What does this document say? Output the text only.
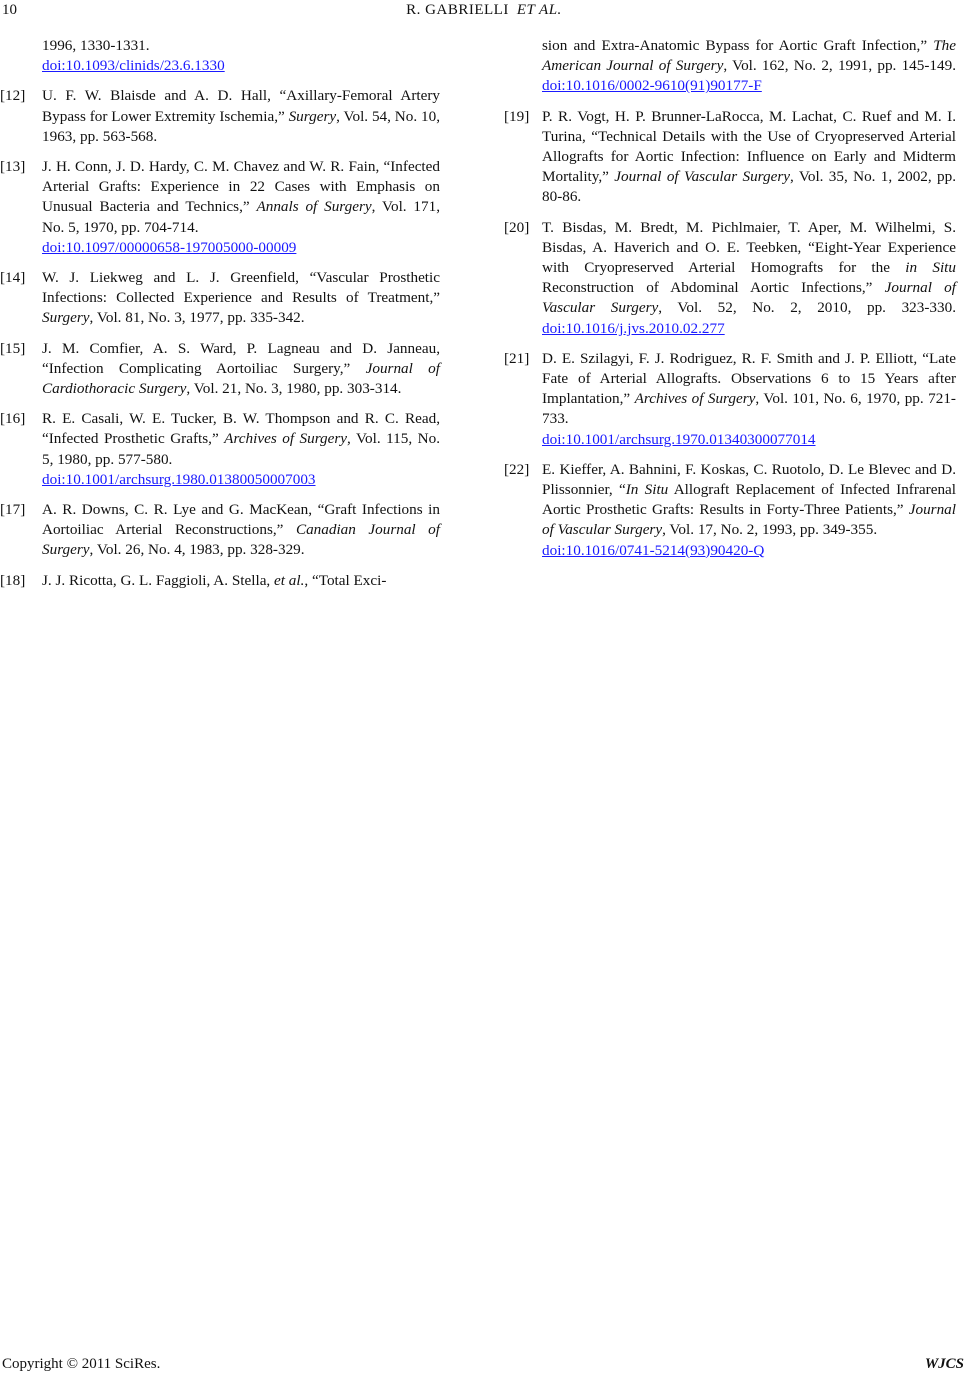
10	R. GABRIELLI ET AL.
1996, 1330-1331.
doi:10.1093/clinids/23.6.1330
[12] U. F. W. Blaisde and A. D. Hall, “Axillary-Femoral Artery Bypass for Lower Extremity Ischemia,” Surgery, Vol. 54, No. 10, 1963, pp. 563-568.
[13] J. H. Conn, J. D. Hardy, C. M. Chavez and W. R. Fain, “Infected Arterial Grafts: Experience in 22 Cases with Emphasis on Unusual Bacteria and Technics,” Annals of Surgery, Vol. 171, No. 5, 1970, pp. 704-714.
doi:10.1097/00000658-197005000-00009
[14] W. J. Liekweg and L. J. Greenfield, “Vascular Prosthetic Infections: Collected Experience and Results of Treatment,” Surgery, Vol. 81, No. 3, 1977, pp. 335-342.
[15] J. M. Comfier, A. S. Ward, P. Lagneau and D. Janneau, “Infection Complicating Aortoiliac Surgery,” Journal of Cardiothoracic Surgery, Vol. 21, No. 3, 1980, pp. 303-314.
[16] R. E. Casali, W. E. Tucker, B. W. Thompson and R. C. Read, “Infected Prosthetic Grafts,” Archives of Surgery, Vol. 115, No. 5, 1980, pp. 577-580.
doi:10.1001/archsurg.1980.01380050007003
[17] A. R. Downs, C. R. Lye and G. MacKean, “Graft Infections in Aortoiliac Arterial Reconstructions,” Canadian Journal of Surgery, Vol. 26, No. 4, 1983, pp. 328-329.
[18] J. J. Ricotta, G. L. Faggioli, A. Stella, et al., “Total Exci-
sion and Extra-Anatomic Bypass for Aortic Graft Infection,” The American Journal of Surgery, Vol. 162, No. 2, 1991, pp. 145-149. doi:10.1016/0002-9610(91)90177-F
[19] P. R. Vogt, H. P. Brunner-LaRocca, M. Lachat, C. Ruef and M. I. Turina, “Technical Details with the Use of Cryopreserved Arterial Allografts for Aortic Infection: Influence on Early and Midterm Mortality,” Journal of Vascular Surgery, Vol. 35, No. 1, 2002, pp. 80-86.
[20] T. Bisdas, M. Bredt, M. Pichlmaier, T. Aper, M. Wilhelmi, S. Bisdas, A. Haverich and O. E. Teebken, “Eight-Year Experience with Cryopreserved Arterial Homografts for the in Situ Reconstruction of Abdominal Aortic Infections,” Journal of Vascular Surgery, Vol. 52, No. 2, 2010, pp. 323-330. doi:10.1016/j.jvs.2010.02.277
[21] D. E. Szilagyi, F. J. Rodriguez, R. F. Smith and J. P. Elliott, “Late Fate of Arterial Allografts. Observations 6 to 15 Years after Implantation,” Archives of Surgery, Vol. 101, No. 6, 1970, pp. 721-733.
doi:10.1001/archsurg.1970.01340300077014
[22] E. Kieffer, A. Bahnini, F. Koskas, C. Ruotolo, D. Le Blevec and D. Plissonnier, “In Situ Allograft Replacement of Infected Infrarenal Aortic Prosthetic Grafts: Results in Forty-Three Patients,” Journal of Vascular Surgery, Vol. 17, No. 2, 1993, pp. 349-355.
doi:10.1016/0741-5214(93)90420-Q
Copyright © 2011 SciRes.	WJCS
